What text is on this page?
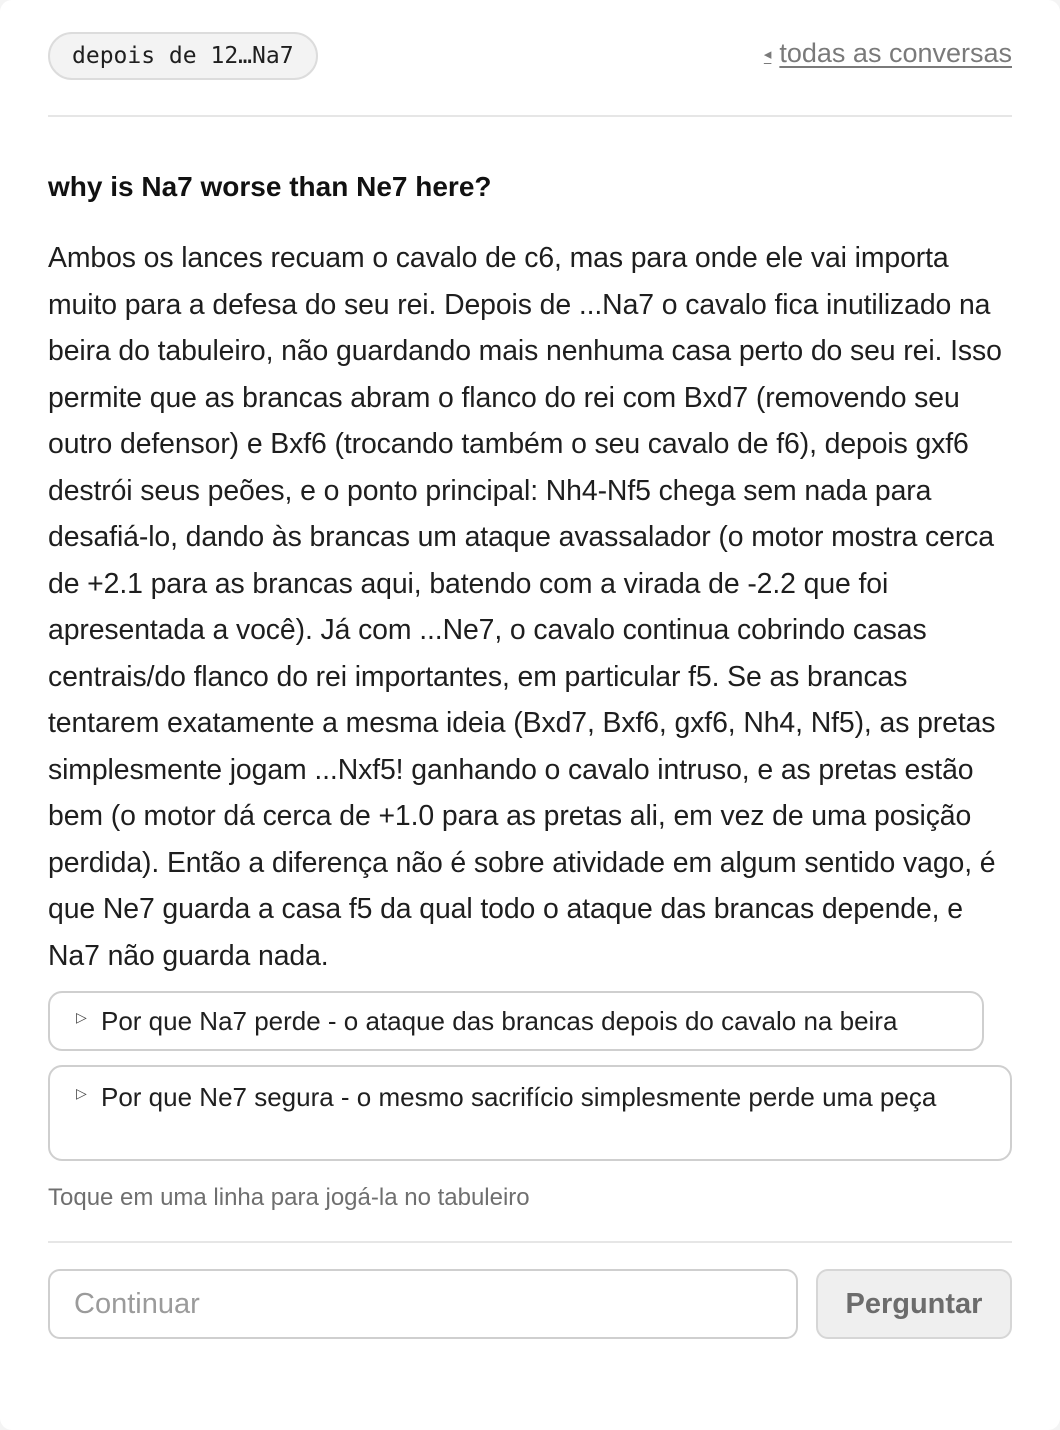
depois de 12…Na7	◂ todas as conversas
why is Na7 worse than Ne7 here?
Ambos os lances recuam o cavalo de c6, mas para onde ele vai importa muito para a defesa do seu rei. Depois de ...Na7 o cavalo fica inutilizado na beira do tabuleiro, não guardando mais nenhuma casa perto do seu rei. Isso permite que as brancas abram o flanco do rei com Bxd7 (removendo seu outro defensor) e Bxf6 (trocando também o seu cavalo de f6), depois gxf6 destrói seus peões, e o ponto principal: Nh4-Nf5 chega sem nada para desafiá-lo, dando às brancas um ataque avassalador (o motor mostra cerca de +2.1 para as brancas aqui, batendo com a virada de -2.2 que foi apresentada a você). Já com ...Ne7, o cavalo continua cobrindo casas centrais/do flanco do rei importantes, em particular f5. Se as brancas tentarem exatamente a mesma ideia (Bxd7, Bxf6, gxf6, Nh4, Nf5), as pretas simplesmente jogam ...Nxf5! ganhando o cavalo intruso, e as pretas estão bem (o motor dá cerca de +1.0 para as pretas ali, em vez de uma posição perdida). Então a diferença não é sobre atividade em algum sentido vago, é que Ne7 guarda a casa f5 da qual todo o ataque das brancas depende, e Na7 não guarda nada.
▷ Por que Na7 perde - o ataque das brancas depois do cavalo na beira
▷ Por que Ne7 segura - o mesmo sacrifício simplesmente perde uma peça
Toque em uma linha para jogá-la no tabuleiro
Continuar
Perguntar
